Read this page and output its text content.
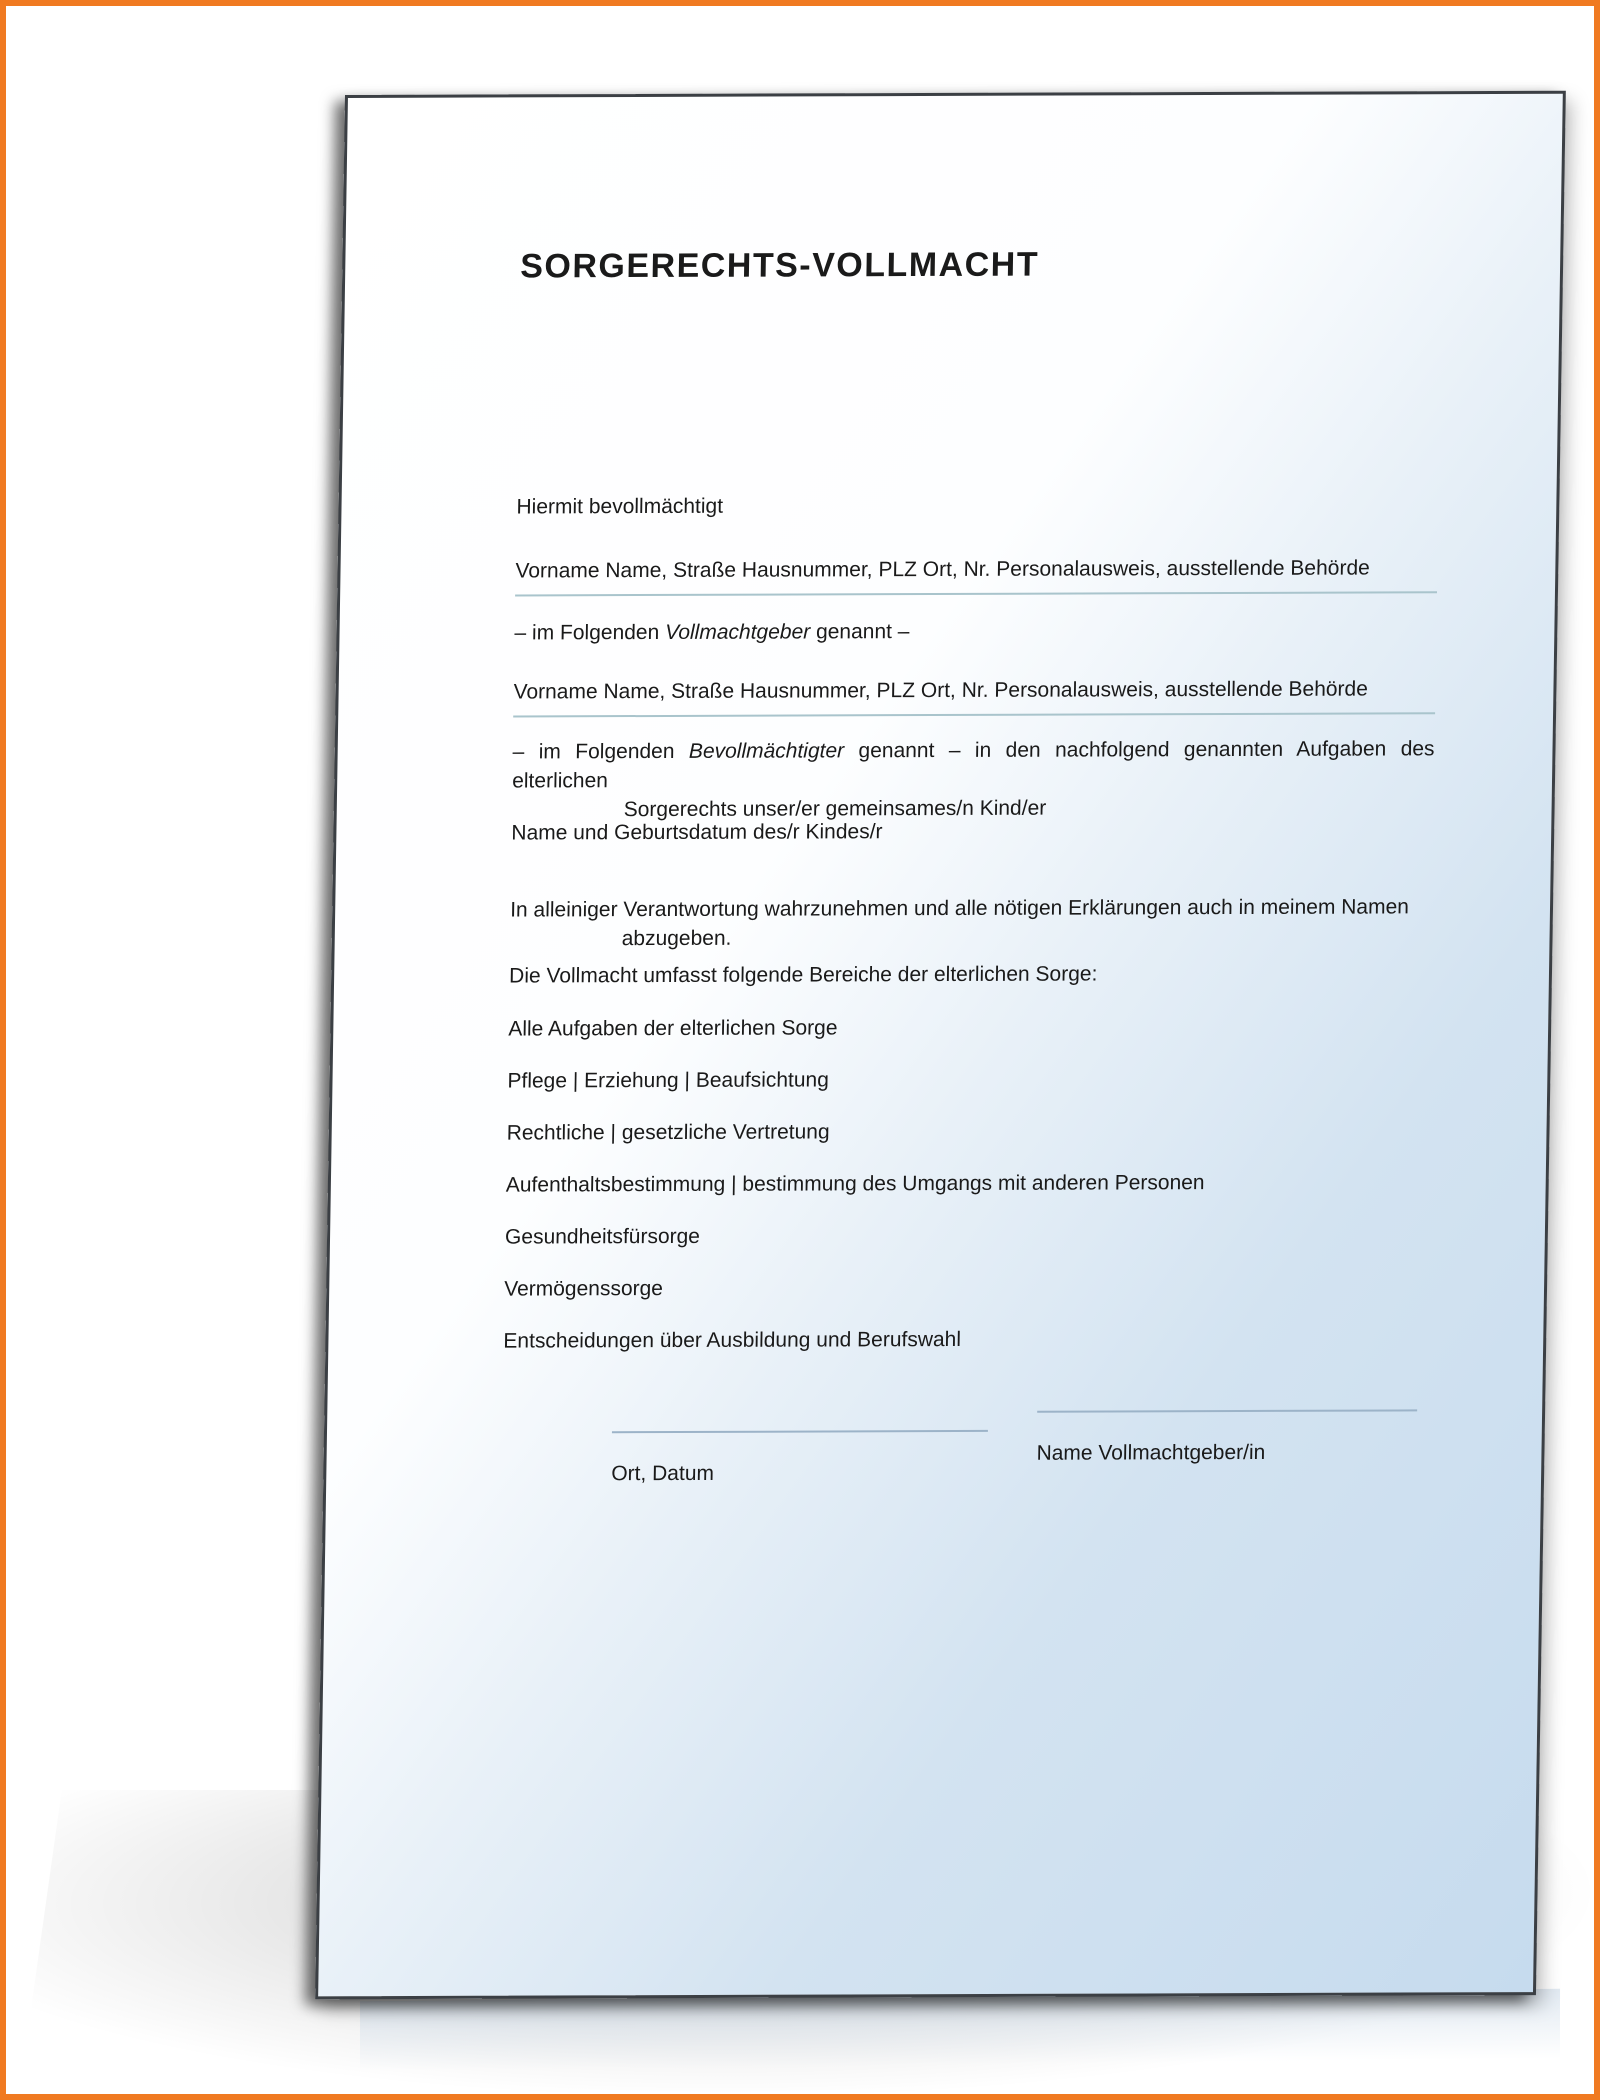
SORGERECHTS-VOLLMACHT
Hiermit bevollmächtigt
Vorname Name, Straße Hausnummer, PLZ Ort, Nr. Personalausweis, ausstellende Behörde
– im Folgenden Vollmachtgeber genannt –
Vorname Name, Straße Hausnummer, PLZ Ort, Nr. Personalausweis, ausstellende Behörde
– im Folgenden Bevollmächtigter genannt – in den nachfolgend genannten Aufgaben des elterlichen
Sorgerechts unser/er gemeinsames/n Kind/er
Name und Geburtsdatum des/r Kindes/r
In alleiniger Verantwortung wahrzunehmen und alle nötigen Erklärungen auch in meinem Namen
abzugeben.
Die Vollmacht umfasst folgende Bereiche der elterlichen Sorge:
Alle Aufgaben der elterlichen Sorge
Pflege | Erziehung | Beaufsichtung
Rechtliche | gesetzliche Vertretung
Aufenthaltsbestimmung | bestimmung des Umgangs mit anderen Personen
Gesundheitsfürsorge
Vermögenssorge
Entscheidungen über Ausbildung und Berufswahl
Ort, Datum
Name Vollmachtgeber/in
